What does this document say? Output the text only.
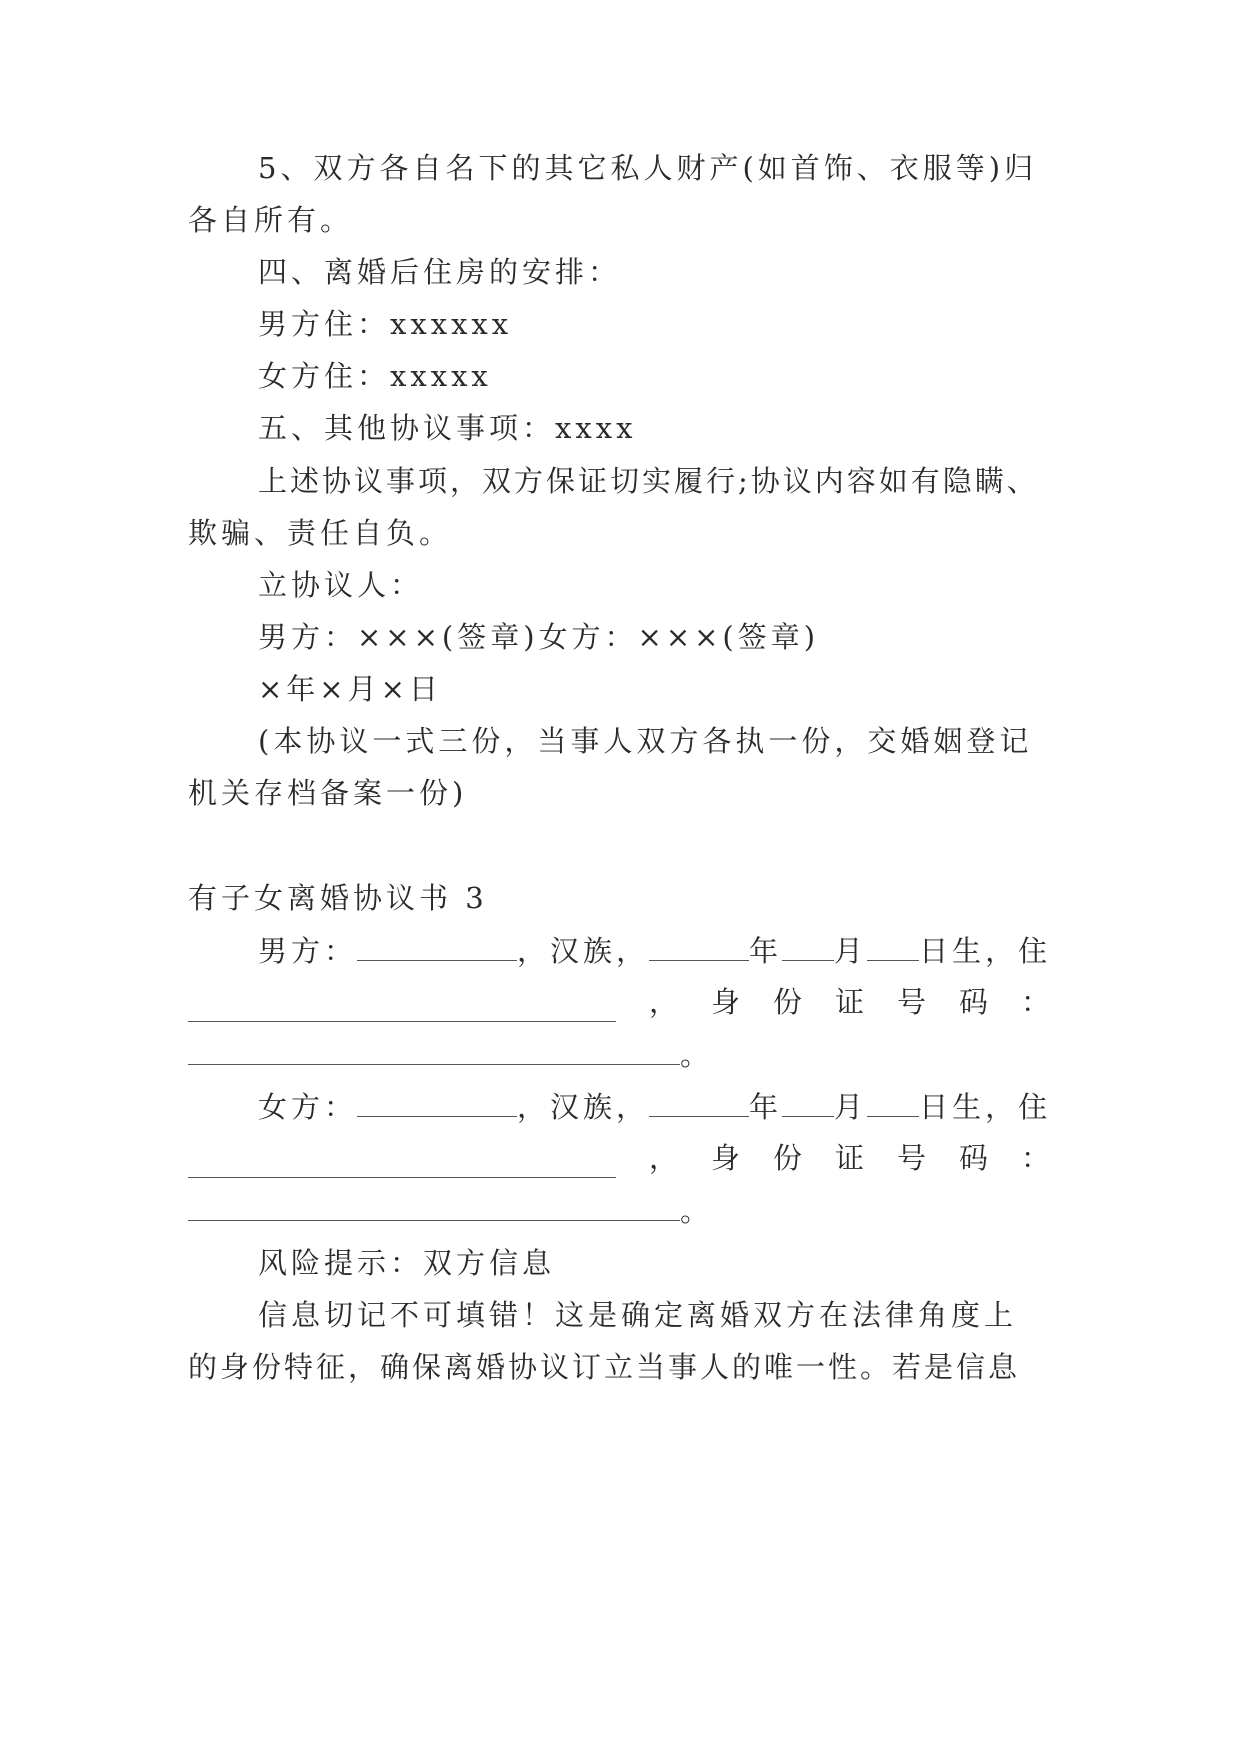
5、双方各自名下的其它私人财产(如首饰、衣服等)归
各自所有。
四、离婚后住房的安排：
男方住：xxxxxx
女方住：xxxxx
五、其他协议事项：xxxx
上述协议事项，双方保证切实履行;协议内容如有隐瞒、
欺骗、责任自负。
立协议人：
男方：×××(签章)女方：×××(签章)
×年×月×日
(本协议一式三份，当事人双方各执一份，交婚姻登记
机关存档备案一份)
有子女离婚协议书 3
男方：	，汉族，	年 月 日生，住
， 身 份 证 号 码 ：
。
女方：	，汉族，	年 月 日生，住
， 身 份 证 号 码 ：
。
风险提示：双方信息
信息切记不可填错！这是确定离婚双方在法律角度上
的身份特征，确保离婚协议订立当事人的唯一性。若是信息
